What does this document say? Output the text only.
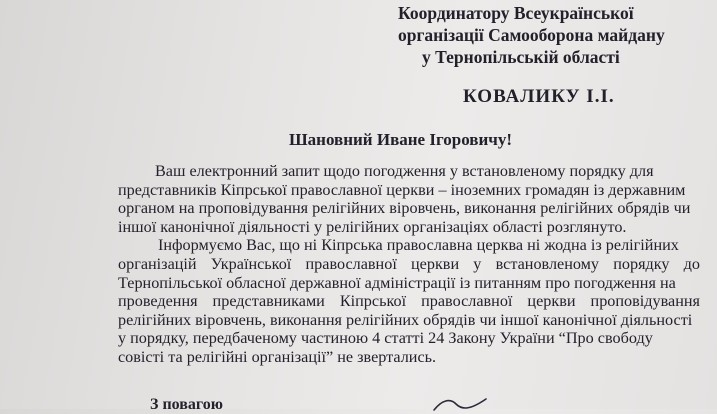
Координатору Всеукраїнської
організації Самооборона майдану
у Тернопільській області
КОВАЛИКУ І.І.
Шановний Иване Ігоровичу!
Ваш електронний запит щодо погодження у встановленому порядку для
представників Кіпрської православної церкви – іноземних громадян із державним
органом на проповідування релігійних віровчень, виконання релігійних обрядів чи
іншої канонічної діяльності у релігійних організаціях області розглянуто.
Інформуємо Вас, що ні Кіпрська православна церква ні жодна із релігійних
організацій Української православної церкви у встановленому порядку до
Тернопільської обласної державної адміністрації із питанням про погодження на
проведення представниками Кіпрської православної церкви проповідування
релігійних віровчень, виконання релігійних обрядів чи іншої канонічної діяльності
у порядку, передбаченому частиною 4 статті 24 Закону України “Про свободу
совісті та релігійні організації” не звертались.
З повагою
